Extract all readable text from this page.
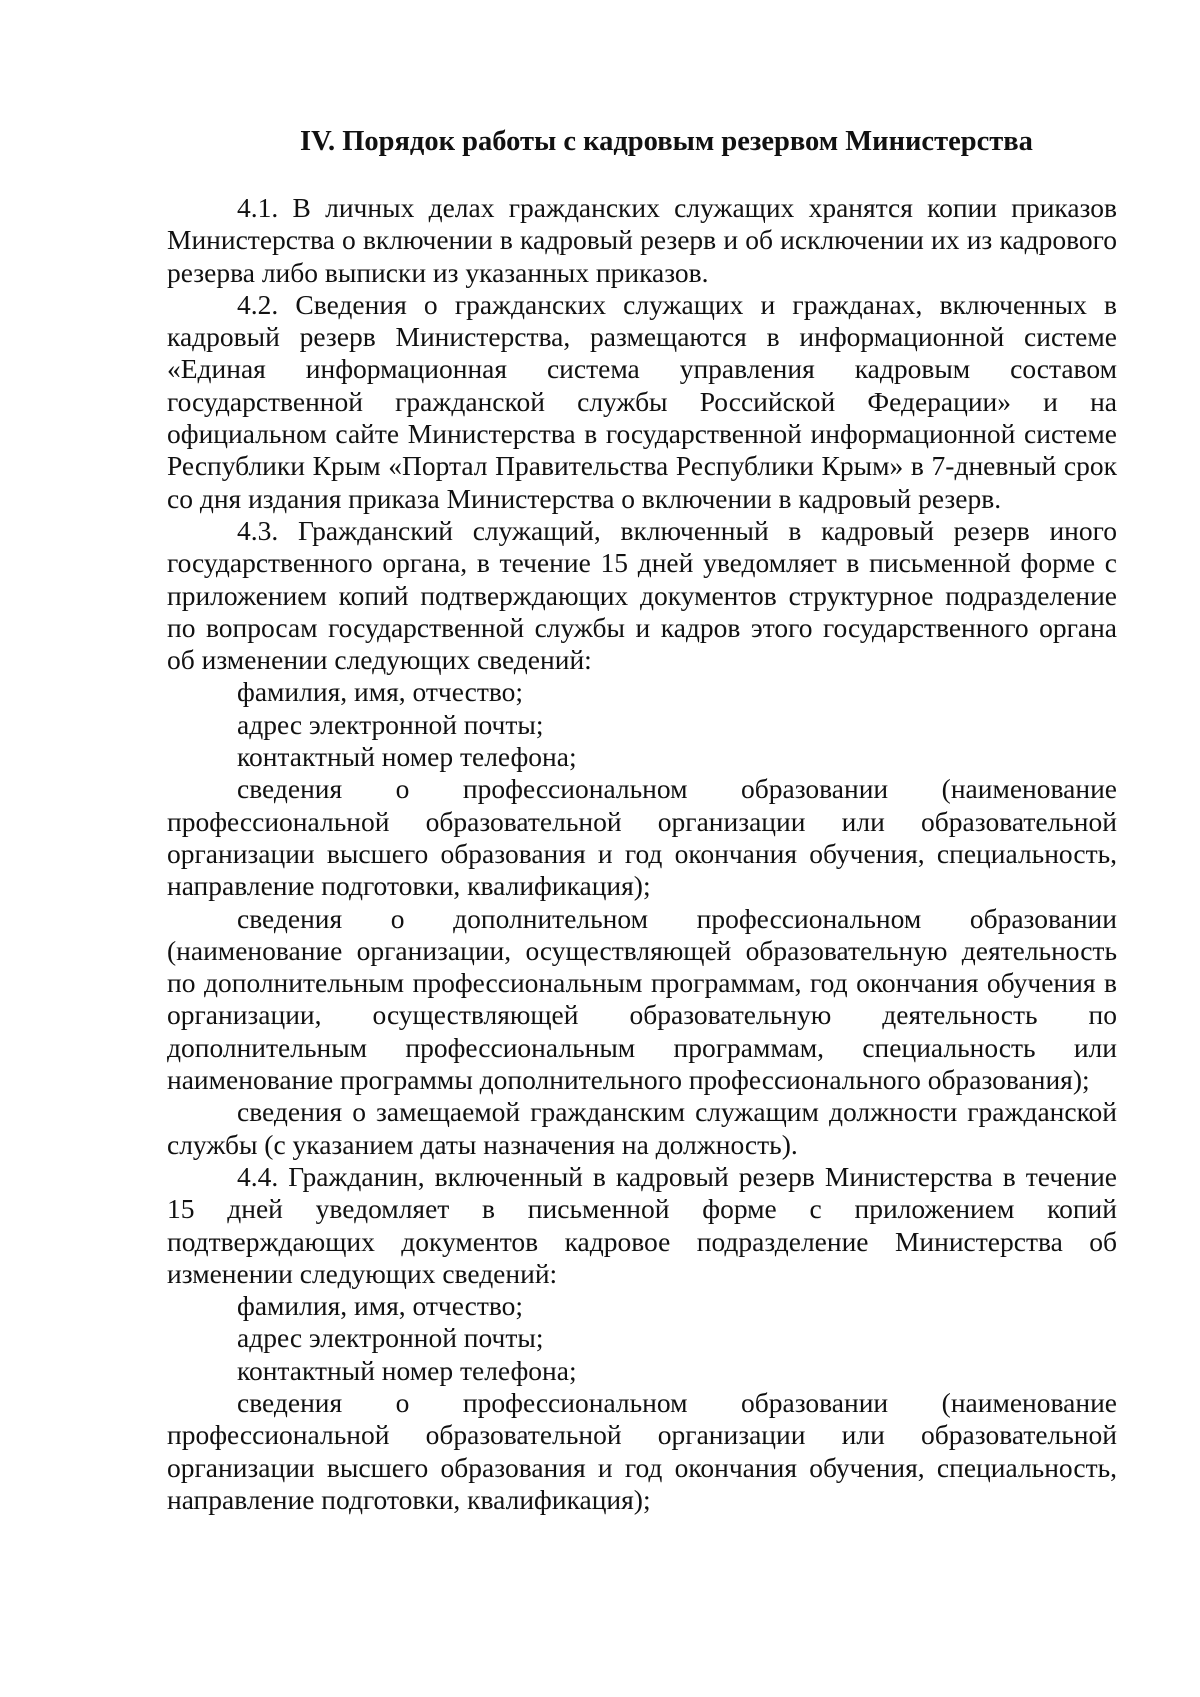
IV. Порядок работы с кадровым резервом Министерства

4.1. В личных делах гражданских служащих хранятся копии приказов Министерства о включении в кадровый резерв и об исключении их из кадрового резерва либо выписки из указанных приказов.

4.2. Сведения о гражданских служащих и гражданах, включенных в кадровый резерв Министерства, размещаются в информационной системе «Единая информационная система управления кадровым составом государственной гражданской службы Российской Федерации» и на официальном сайте Министерства в государственной информационной системе Республики Крым «Портал Правительства Республики Крым» в 7-дневный срок со дня издания приказа Министерства о включении в кадровый резерв.

4.3. Гражданский служащий, включенный в кадровый резерв иного государственного органа, в течение 15 дней уведомляет в письменной форме с приложением копий подтверждающих документов структурное подразделение по вопросам государственной службы и кадров этого государственного органа об изменении следующих сведений:

фамилия, имя, отчество;

адрес электронной почты;

контактный номер телефона;

сведения о профессиональном образовании (наименование профессиональной образовательной организации или образовательной организации высшего образования и год окончания обучения, специальность, направление подготовки, квалификация);

сведения о дополнительном профессиональном образовании (наименование организации, осуществляющей образовательную деятельность по дополнительным профессиональным программам, год окончания обучения в организации, осуществляющей образовательную деятельность по дополнительным профессиональным программам, специальность или наименование программы дополнительного профессионального образования);

сведения о замещаемой гражданским служащим должности гражданской службы (с указанием даты назначения на должность).

4.4. Гражданин, включенный в кадровый резерв Министерства в течение 15 дней уведомляет в письменной форме с приложением копий подтверждающих документов кадровое подразделение Министерства об изменении следующих сведений:

фамилия, имя, отчество;

адрес электронной почты;

контактный номер телефона;

сведения о профессиональном образовании (наименование профессиональной образовательной организации или образовательной организации высшего образования и год окончания обучения, специальность, направление подготовки, квалификация);
